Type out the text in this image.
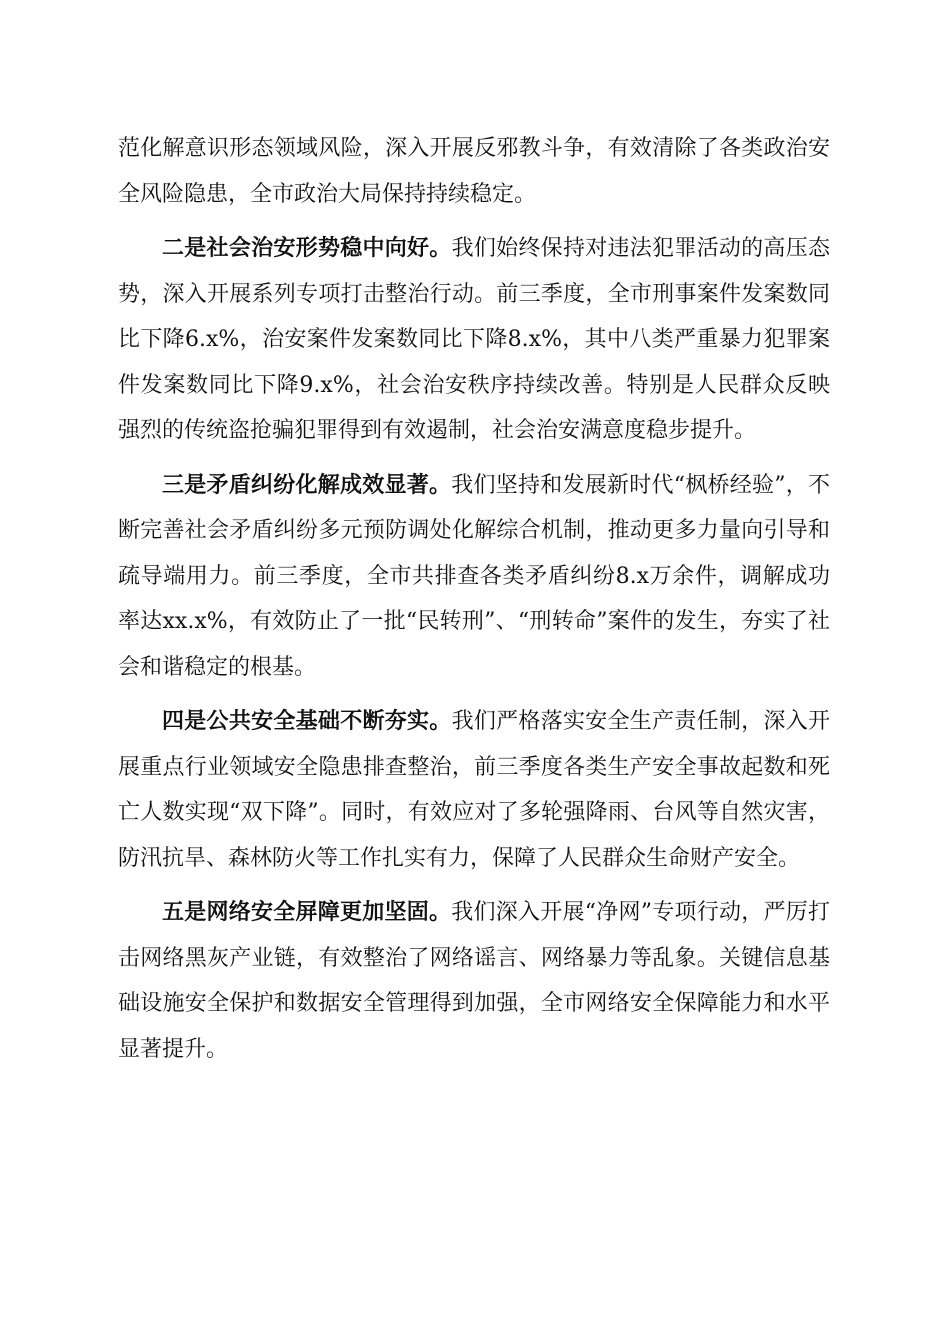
范化解意识形态领域风险，深入开展反邪教斗争，有效清除了各类政治安全风险隐患，全市政治大局保持持续稳定。

二是社会治安形势稳中向好。我们始终保持对违法犯罪活动的高压态势，深入开展系列专项打击整治行动。前三季度，全市刑事案件发案数同比下降6.x%，治安案件发案数同比下降8.x%，其中八类严重暴力犯罪案件发案数同比下降9.x%，社会治安秩序持续改善。特别是人民群众反映强烈的传统盗抢骗犯罪得到有效遏制，社会治安满意度稳步提升。

三是矛盾纠纷化解成效显著。我们坚持和发展新时代“枫桥经验”，不断完善社会矛盾纠纷多元预防调处化解综合机制，推动更多力量向引导和疏导端用力。前三季度，全市共排查各类矛盾纠纷8.x万余件，调解成功率达xx.x%，有效防止了一批“民转刑”、“刑转命”案件的发生，夯实了社会和谐稳定的根基。

四是公共安全基础不断夯实。我们严格落实安全生产责任制，深入开展重点行业领域安全隐患排查整治，前三季度各类生产安全事故起数和死亡人数实现“双下降”。同时，有效应对了多轮强降雨、台风等自然灾害，防汛抗旱、森林防火等工作扎实有力，保障了人民群众生命财产安全。

五是网络安全屏障更加坚固。我们深入开展“净网”专项行动，严厉打击网络黑灰产业链，有效整治了网络谣言、网络暴力等乱象。关键信息基础设施安全保护和数据安全管理得到加强，全市网络安全保障能力和水平显著提升。
